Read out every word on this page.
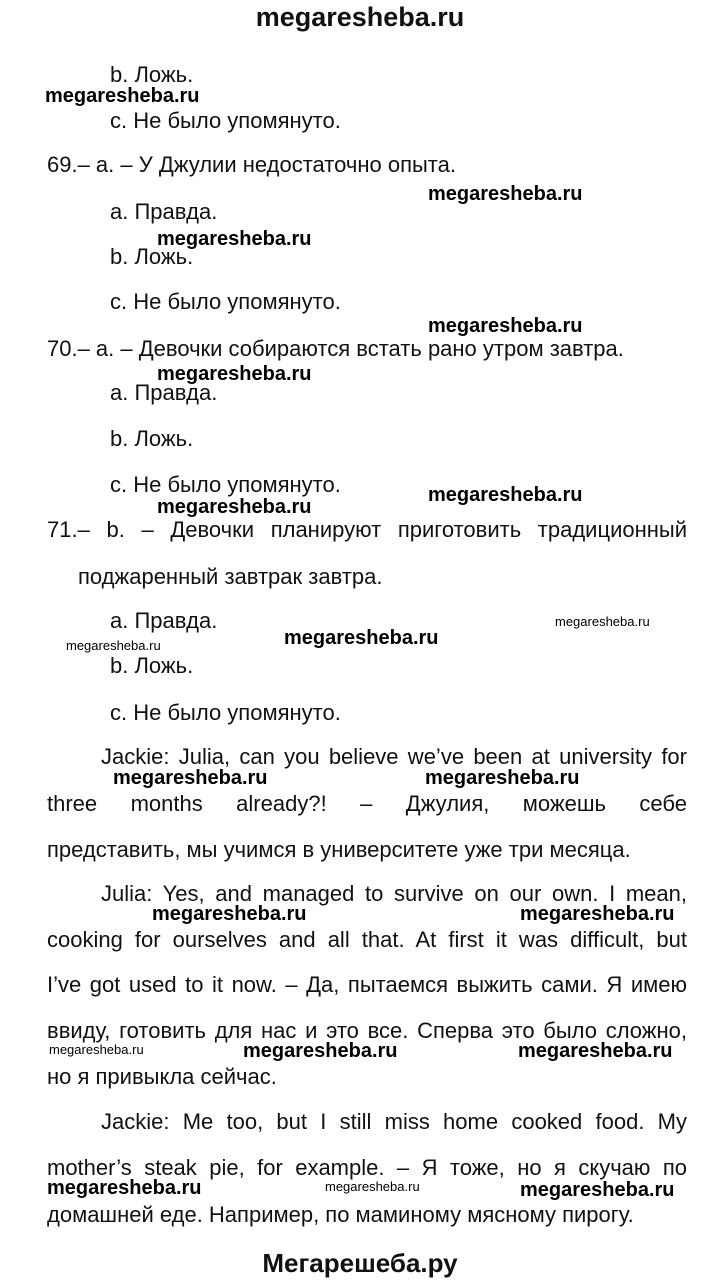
megaresheba.ru
b. Ложь.
megaresheba.ru
c. Не было упомянуто.
69.– a. – У Джулии недостаточно опыта.
megaresheba.ru
a. Правда.
megaresheba.ru
b. Ложь.
c. Не было упомянуто.
megaresheba.ru
70.– a. – Девочки собираются встать рано утром завтра.
megaresheba.ru
a. Правда.
b. Ложь.
c. Не было упомянуто.	megaresheba.ru
megaresheba.ru
71.– b. – Девочки планируют приготовить традиционный
поджаренный завтрак завтра.
a. Правда.	megaresheba.ru
megaresheba.ru
megaresheba.ru
b. Ложь.
c. Не было упомянуто.
Jackie: Julia, can you believe we’ve been at university for
megaresheba.ru	megaresheba.ru
three months already?! – Джулия, можешь себе
представить, мы учимся в университете уже три месяца.
Julia: Yes, and managed to survive on our own. I mean,
megaresheba.ru	megaresheba.ru
cooking for ourselves and all that. At first it was difficult, but
I’ve got used to it now. – Да, пытаемся выжить сами. Я имею
ввиду, готовить для нас и это все. Сперва это было сложно,
megaresheba.ru	megaresheba.ru	megaresheba.ru
но я привыкла сейчас.
Jackie: Me too, but I still miss home cooked food. My
mother’s steak pie, for example. – Я тоже, но я скучаю по
megaresheba.ru	megaresheba.ru	megaresheba.ru
домашней еде. Например, по маминому мясному пирогу.
Мегарешеба.ру
